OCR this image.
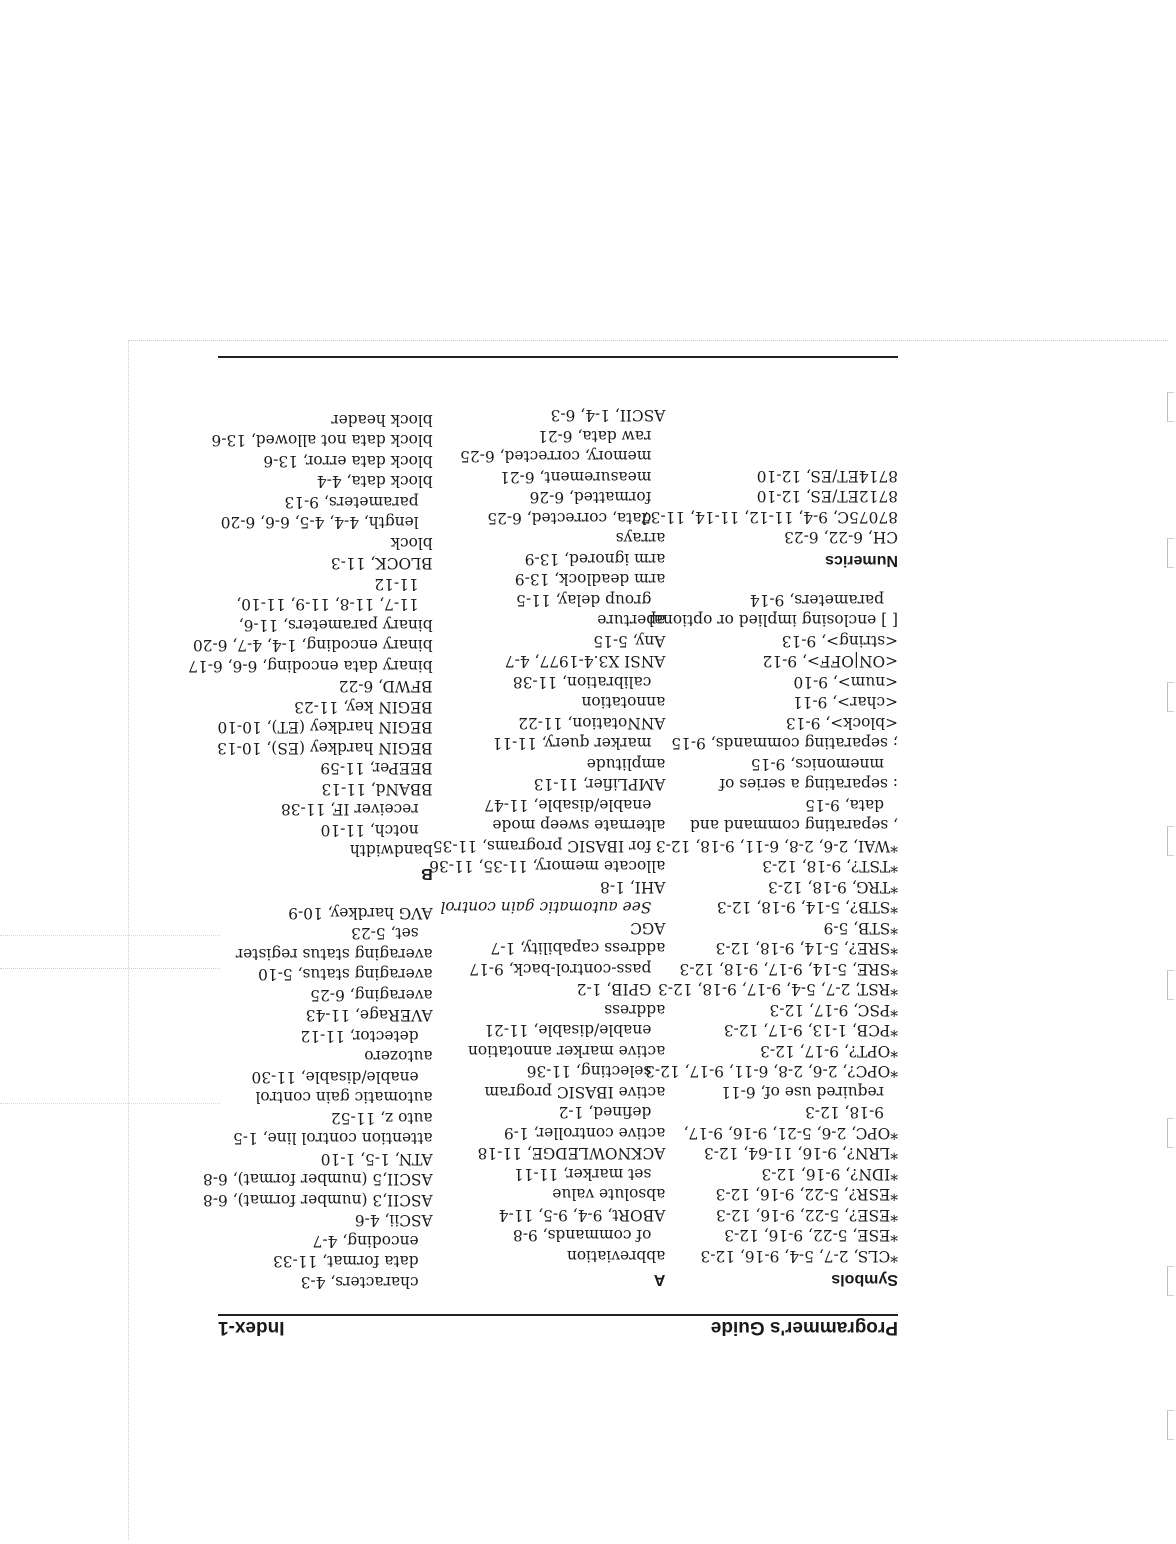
Programmer's Guide
Index-1
Symbols
*CLS, 2-7, 5-4, 9-16, 12-3
*ESE, 5-22, 9-16, 12-3
*ESE?, 5-22, 9-16, 12-3
*ESR?, 5-22, 9-16, 12-3
*IDN?, 9-16, 12-3
*LRN?, 9-16, 11-64, 12-3
*OPC, 2-6, 5-21, 9-16, 9-17, 9-18, 12-3
required use of, 6-11
*OPC?, 2-6, 2-8, 6-11, 9-17, 12-3
*OPT?, 9-17, 12-3
*PCB, 1-13, 9-17, 12-3
*PSC, 9-17, 12-3
*RST, 2-7, 5-4, 9-17, 9-18, 12-3
*SRE, 5-14, 9-17, 9-18, 12-3
*SRE?, 5-14, 9-18, 12-3
*STB, 5-9
*STB?, 5-14, 9-18, 12-3
*TRG, 9-18, 12-3
*TST?, 9-18, 12-3
*WAI, 2-6, 2-8, 6-11, 9-18, 12-3
, separating command and data, 9-15
: separating a series of
mnemonics, 9-15
; separating commands, 9-15
<block>, 9-13
<char>, 9-11
<num>, 9-10
<ON|OFF>, 9-12
<string>, 9-13
[ ] enclosing implied or optional
parameters, 9-14
Numerics
CH, 6-22, 6-23
87075C, 9-4, 11-12, 11-14, 11-37
8712ET/ES, 12-10
8714ET/ES, 12-10
A
abbreviation
of commands, 9-8
ABORt, 9-4, 9-5, 11-4
absolute value
set marker, 11-11
ACKNOWLEDGE, 11-18
active controller, 1-9
defined, 1-2
active IBASIC program
selecting, 11-36
active marker annotation
enable/disable, 11-21
address
GPIB, 1-2
pass-control-back, 9-17
address capability, 1-7
AGC
See automatic gain control
AHI, 1-8
allocate memory, 11-35, 11-36
for IBASIC programs, 11-35
alternate sweep mode
enable/disable, 11-47
AMPLifier, 11-13
amplitude
marker query, 11-11
ANNotation, 11-22
annotation
calibration, 11-38
ANSI X3.4-1977, 4-7
Any, 5-15
aperture
group delay, 11-5
arm deadlock, 13-9
arm ignored, 13-9
arrays
data, corrected, 6-25
formatted, 6-26
measurement, 6-21
memory, corrected, 6-25
raw data, 6-21
ASCII, 1-4, 6-3
characters, 4-3
data format, 11-33
encoding, 4-7
ASCii, 4-6
ASCII,3 (number format), 6-8
ASCII,5 (number format), 6-8
ATN, 1-5, 1-10
attention control line, 1-5
auto z, 11-52
automatic gain control
enable/disable, 11-30
autozero
detector, 11-12
AVERage, 11-43
averaging, 6-25
averaging status, 5-10
averaging status register set, 5-23
AVG hardkey, 10-9
B
bandwidth
notch, 11-10
receiver IF, 11-38
BBANd, 11-13
BEEPer, 11-59
BEGIN hardkey (ES), 10-13
BEGIN hardkey (ET), 10-10
BEGIN key, 11-23
BFWD, 6-22
binary data encoding, 6-6, 6-17
binary encoding, 1-4, 4-7, 6-20
binary parameters, 11-6, 11-7, 11-8, 11-9, 11-10, 11-12
BLOCK, 11-3
block
length, 4-4, 4-5, 6-6, 6-20
parameters, 9-13
block data, 4-4
block data error, 13-6
block data not allowed, 13-6
block header
